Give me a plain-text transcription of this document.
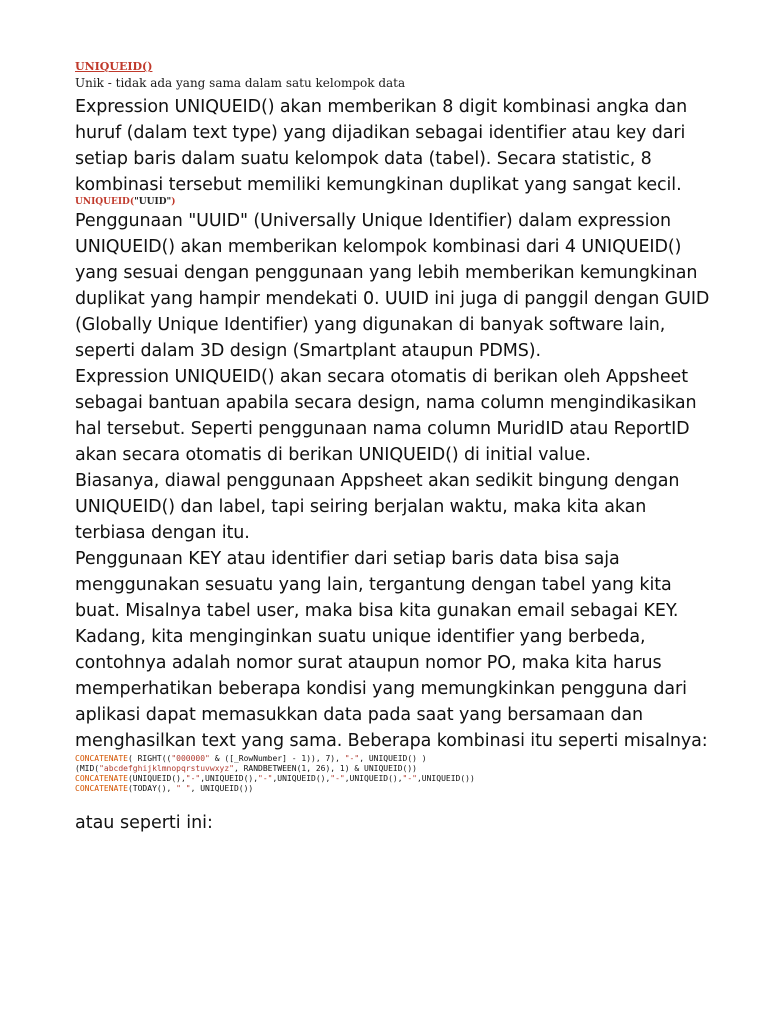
UNIQUEID()

Unik - tidak ada yang sama dalam satu kelompok data

Expression UNIQUEID() akan memberikan 8 digit kombinasi angka dan huruf (dalam text type) yang dijadikan sebagai identifier atau key dari setiap baris dalam suatu kelompok data (tabel). Secara statistic, 8 kombinasi tersebut memiliki kemungkinan duplikat yang sangat kecil.

UNIQUEID("UUID")

Penggunaan "UUID" (Universally Unique Identifier) dalam expression UNIQUEID() akan memberikan kelompok kombinasi dari 4 UNIQUEID() yang sesuai dengan penggunaan yang lebih memberikan kemungkinan duplikat yang hampir mendekati 0. UUID ini juga di panggil dengan GUID (Globally Unique Identifier) yang digunakan di banyak software lain, seperti dalam 3D design (Smartplant ataupun PDMS).

Expression UNIQUEID() akan secara otomatis di berikan oleh Appsheet sebagai bantuan apabila secara design, nama column mengindikasikan hal tersebut. Seperti penggunaan nama column MuridID atau ReportID akan secara otomatis di berikan UNIQUEID() di initial value.

Biasanya, diawal penggunaan Appsheet akan sedikit bingung dengan UNIQUEID() dan label, tapi seiring berjalan waktu, maka kita akan terbiasa dengan itu.

Penggunaan KEY atau identifier dari setiap baris data bisa saja menggunakan sesuatu yang lain, tergantung dengan tabel yang kita buat. Misalnya tabel user, maka bisa kita gunakan email sebagai KEY. Kadang, kita menginginkan suatu unique identifier yang berbeda, contohnya adalah nomor surat ataupun nomor PO, maka kita harus memperhatikan beberapa kondisi yang memungkinkan pengguna dari aplikasi dapat memasukkan data pada saat yang bersamaan dan menghasilkan text yang sama. Beberapa kombinasi itu seperti misalnya:

CONCATENATE( RIGHT(("000000" & ([_RowNumber] - 1)), 7), "-", UNIQUEID() )
(MID("abcdefghijklmnopqrstuvwxyz", RANDBETWEEN(1, 26), 1) & UNIQUEID())
CONCATENATE(UNIQUEID(),"-",UNIQUEID(),"-",UNIQUEID(),"-",UNIQUEID(),"-",UNIQUEID())
CONCATENATE(TODAY(), " ", UNIQUEID())

atau seperti ini:
